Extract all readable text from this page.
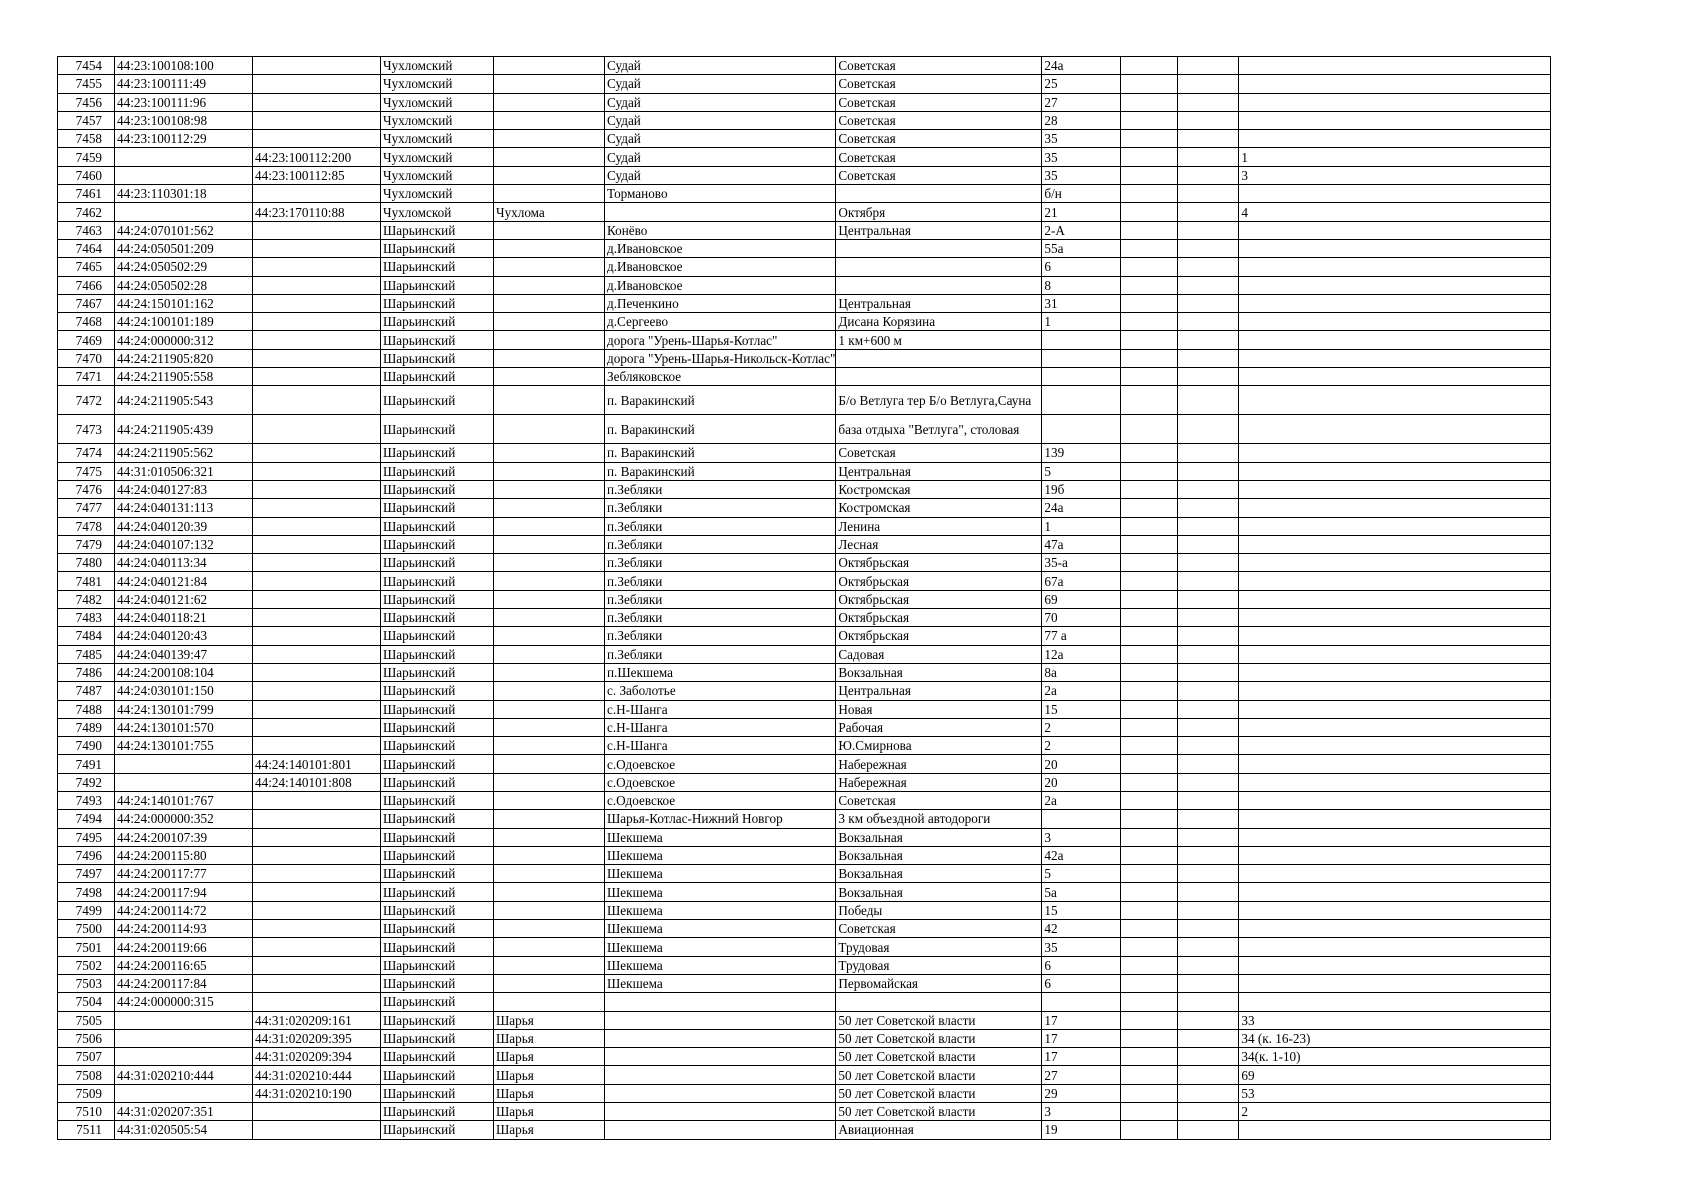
7454	44:23:100108:100		Чухломский		Судай	Советская	24а			
7455	44:23:100111:49		Чухломский		Судай	Советская	25			
7456	44:23:100111:96		Чухломский		Судай	Советская	27			
7457	44:23:100108:98		Чухломский		Судай	Советская	28			
7458	44:23:100112:29		Чухломский		Судай	Советская	35			
7459		44:23:100112:200	Чухломский		Судай	Советская	35			1
7460		44:23:100112:85	Чухломский		Судай	Советская	35			3
7461	44:23:110301:18		Чухломский		Торманово		б/н			
7462		44:23:170110:88	Чухломской	Чухлома		Октября	21			4
7463	44:24:070101:562		Шарьинский		Конёво	Центральная	2-А			
7464	44:24:050501:209		Шарьинский		д.Ивановское		55а			
7465	44:24:050502:29		Шарьинский		д.Ивановское		6			
7466	44:24:050502:28		Шарьинский		д.Ивановское		8			
7467	44:24:150101:162		Шарьинский		д.Печенкино	Центральная	31			
7468	44:24:100101:189		Шарьинский		д.Сергеево	Дисана Корязина	1			
7469	44:24:000000:312		Шарьинский		дорога "Урень-Шарья-Котлас"	1 км+600 м				
7470	44:24:211905:820		Шарьинский		дорога "Урень-Шарья-Никольск-Котлас"					
7471	44:24:211905:558		Шарьинский		Зебляковское					
7472	44:24:211905:543		Шарьинский		п. Варакинский	Б/о Ветлуга тер Б/о Ветлуга,Сауна				
7473	44:24:211905:439		Шарьинский		п. Варакинский	база отдыха "Ветлуга", столовая				
7474	44:24:211905:562		Шарьинский		п. Варакинский	Советская	139			
7475	44:31:010506:321		Шарьинский		п. Варакинский	Центральная	5			
7476	44:24:040127:83		Шарьинский		п.Зебляки	Костромская	19б			
7477	44:24:040131:113		Шарьинский		п.Зебляки	Костромская	24а			
7478	44:24:040120:39		Шарьинский		п.Зебляки	Ленина	1			
7479	44:24:040107:132		Шарьинский		п.Зебляки	Лесная	47а			
7480	44:24:040113:34		Шарьинский		п.Зебляки	Октябрьская	35-а			
7481	44:24:040121:84		Шарьинский		п.Зебляки	Октябрьская	67а			
7482	44:24:040121:62		Шарьинский		п.Зебляки	Октябрьская	69			
7483	44:24:040118:21		Шарьинский		п.Зебляки	Октябрьская	70			
7484	44:24:040120:43		Шарьинский		п.Зебляки	Октябрьская	77 а			
7485	44:24:040139:47		Шарьинский		п.Зебляки	Садовая	12а			
7486	44:24:200108:104		Шарьинский		п.Шекшема	Вокзальная	8а			
7487	44:24:030101:150		Шарьинский		с. Заболотье	Центральная	2а			
7488	44:24:130101:799		Шарьинский		с.Н-Шанга	Новая	15			
7489	44:24:130101:570		Шарьинский		с.Н-Шанга	Рабочая	2			
7490	44:24:130101:755		Шарьинский		с.Н-Шанга	Ю.Смирнова	2			
7491		44:24:140101:801	Шарьинский		с.Одоевское	Набережная	20			
7492		44:24:140101:808	Шарьинский		с.Одоевское	Набережная	20			
7493	44:24:140101:767		Шарьинский		с.Одоевское	Советская	2а			
7494	44:24:000000:352		Шарьинский		Шарья-Котлас-Нижний Новгор	3 км объездной автодороги				
7495	44:24:200107:39		Шарьинский		Шекшема	Вокзальная	3			
7496	44:24:200115:80		Шарьинский		Шекшема	Вокзальная	42а			
7497	44:24:200117:77		Шарьинский		Шекшема	Вокзальная	5			
7498	44:24:200117:94		Шарьинский		Шекшема	Вокзальная	5а			
7499	44:24:200114:72		Шарьинский		Шекшема	Победы	15			
7500	44:24:200114:93		Шарьинский		Шекшема	Советская	42			
7501	44:24:200119:66		Шарьинский		Шекшема	Трудовая	35			
7502	44:24:200116:65		Шарьинский		Шекшема	Трудовая	6			
7503	44:24:200117:84		Шарьинский		Шекшема	Первомайская	6			
7504	44:24:000000:315		Шарьинский							
7505		44:31:020209:161	Шарьинский	Шарья		50 лет Советской власти	17			33
7506		44:31:020209:395	Шарьинский	Шарья		50 лет Советской власти	17			34 (к. 16-23)
7507		44:31:020209:394	Шарьинский	Шарья		50 лет Советской власти	17			34(к. 1-10)
7508	44:31:020210:444	44:31:020210:444	Шарьинский	Шарья		50 лет Советской власти	27			69
7509		44:31:020210:190	Шарьинский	Шарья		50 лет Советской власти	29			53
7510	44:31:020207:351		Шарьинский	Шарья		50 лет Советской власти	3			2
7511	44:31:020505:54		Шарьинский	Шарья		Авиационная	19			
